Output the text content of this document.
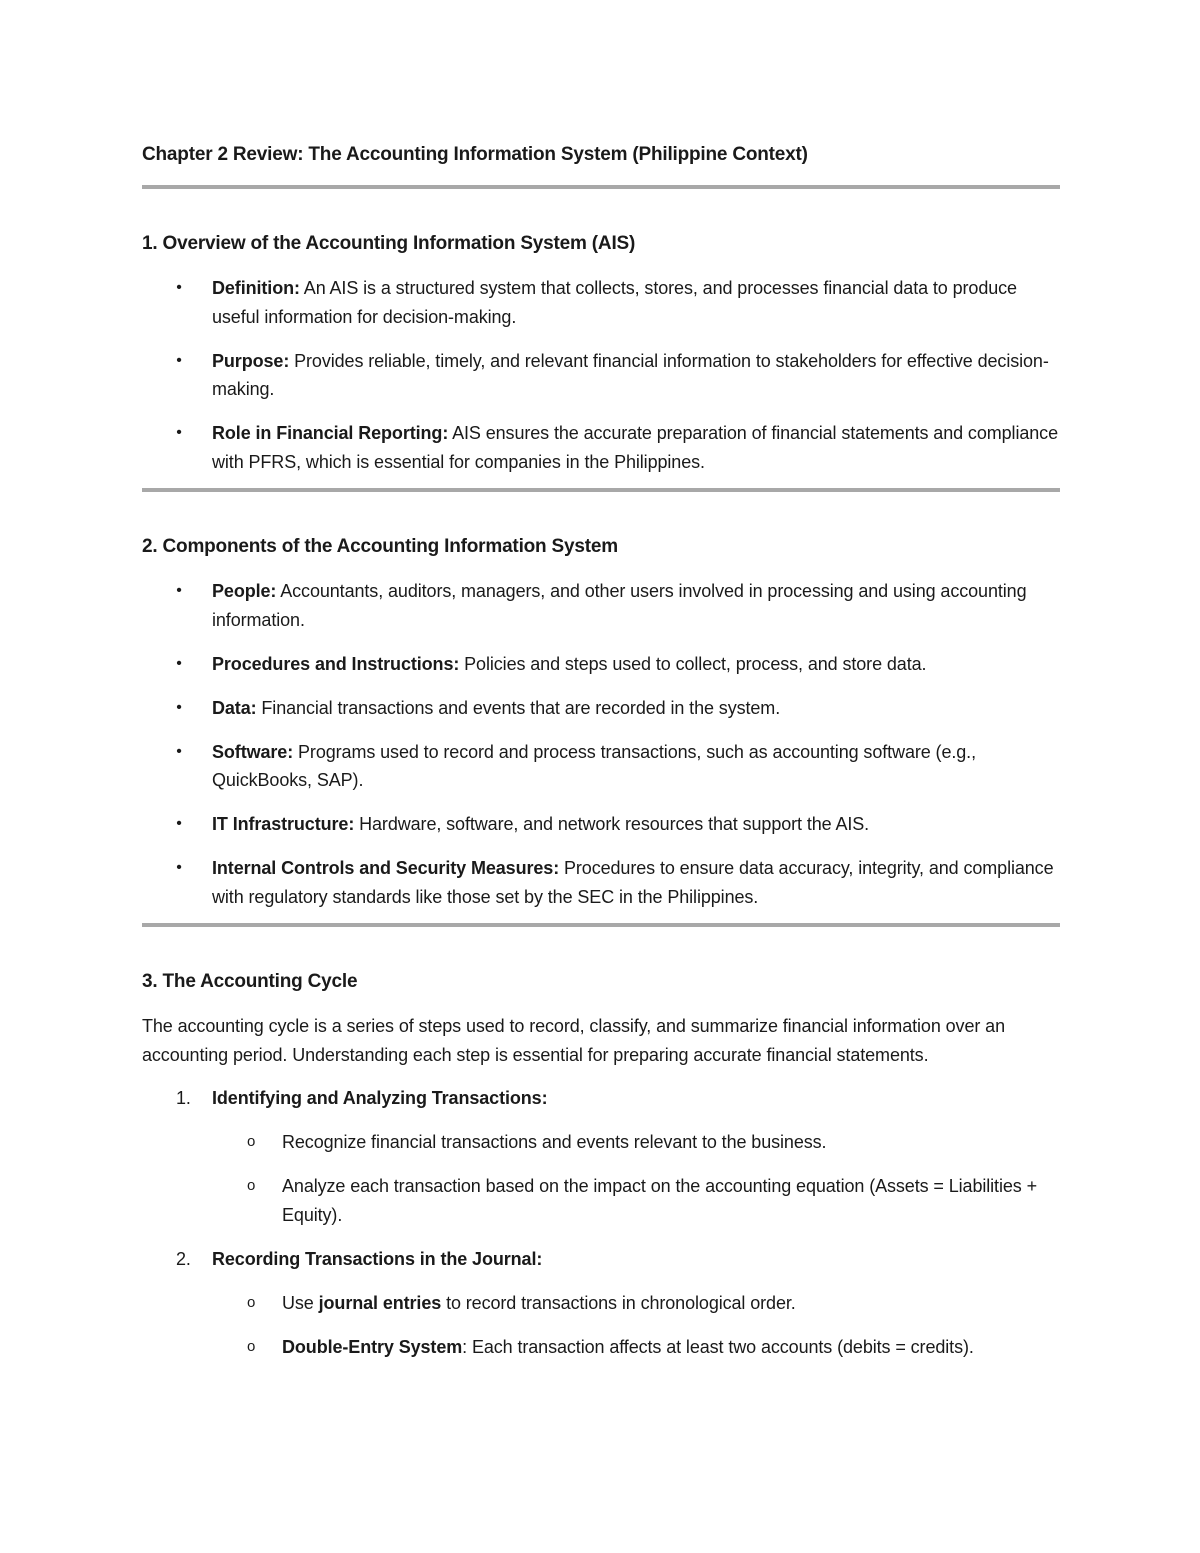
Chapter 2 Review: The Accounting Information System (Philippine Context)
1. Overview of the Accounting Information System (AIS)
• Definition: An AIS is a structured system that collects, stores, and processes financial data to produce useful information for decision-making.
• Purpose: Provides reliable, timely, and relevant financial information to stakeholders for effective decision-making.
• Role in Financial Reporting: AIS ensures the accurate preparation of financial statements and compliance with PFRS, which is essential for companies in the Philippines.
2. Components of the Accounting Information System
• People: Accountants, auditors, managers, and other users involved in processing and using accounting information.
• Procedures and Instructions: Policies and steps used to collect, process, and store data.
• Data: Financial transactions and events that are recorded in the system.
• Software: Programs used to record and process transactions, such as accounting software (e.g., QuickBooks, SAP).
• IT Infrastructure: Hardware, software, and network resources that support the AIS.
• Internal Controls and Security Measures: Procedures to ensure data accuracy, integrity, and compliance with regulatory standards like those set by the SEC in the Philippines.
3. The Accounting Cycle

The accounting cycle is a series of steps used to record, classify, and summarize financial information over an accounting period. Understanding each step is essential for preparing accurate financial statements.

1. Identifying and Analyzing Transactions:
o Recognize financial transactions and events relevant to the business.
o Analyze each transaction based on the impact on the accounting equation (Assets = Liabilities + Equity).
2. Recording Transactions in the Journal:
o Use journal entries to record transactions in chronological order.
o Double-Entry System: Each transaction affects at least two accounts (debits = credits).
